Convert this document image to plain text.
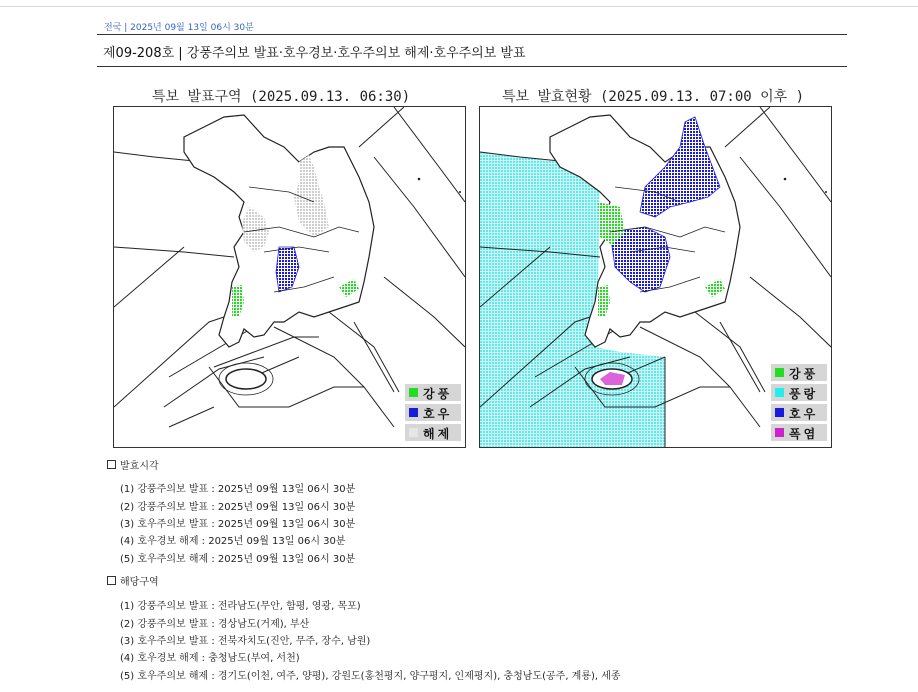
전국 | 2025년 09월 13일 06시 30분
제09-208호 | 강풍주의보 발표·호우경보·호우주의보 해제·호우주의보 발표
특보 발표구역 (2025.09.13. 06:30)
강풍
호우
해제
특보 발효현황 (2025.09.13. 07:00 이후 )
강풍
풍랑
호우
폭염
발효시각
(1) 강풍주의보 발표 : 2025년 09월 13일 06시 30분
(2) 강풍주의보 발표 : 2025년 09월 13일 06시 30분
(3) 호우주의보 발표 : 2025년 09월 13일 06시 30분
(4) 호우경보 해제 : 2025년 09월 13일 06시 30분
(5) 호우주의보 해제 : 2025년 09월 13일 06시 30분
해당구역
(1) 강풍주의보 발표 : 전라남도(무안, 함평, 영광, 목포)
(2) 강풍주의보 발표 : 경상남도(거제), 부산
(3) 호우주의보 발표 : 전북자치도(진안, 무주, 장수, 남원)
(4) 호우경보 해제 : 충청남도(부여, 서천)
(5) 호우주의보 해제 : 경기도(이천, 여주, 양평), 강원도(홍천평지, 양구평지, 인제평지), 충청남도(공주, 계룡), 세종
